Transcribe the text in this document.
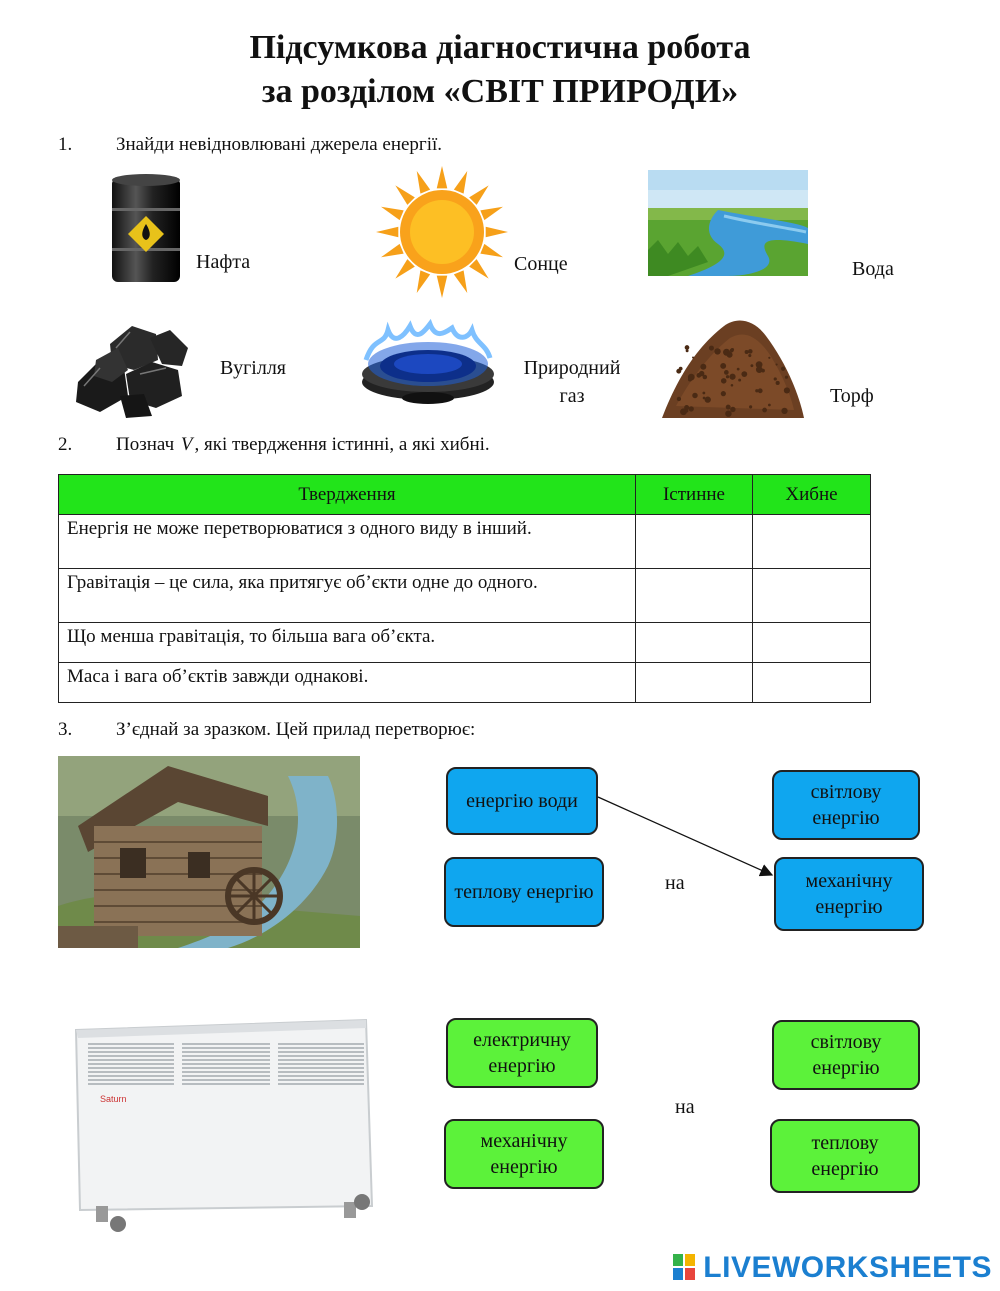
Підсумкова діагностична робота
за розділом «СВІТ ПРИРОДИ»
1. Знайди невідновлювані джерела енергії.
Нафта	Сонце	Вода
Вугілля	Природний
газ	Торф
2. Познач V , які твердження істинні, а які хибні.
Твердження	Істинне	Хибне
Енергія не може перетворюватися з одного виду в інший.		
Гравітація – це сила, яка притягує об’єкти одне до одного.		
Що менша гравітація, то більша вага об’єкта.		
Маса і вага об’єктів завжди однакові.		
3. З’єднай за зразком. Цей прилад перетворює:
енергію води
теплову енергію
світлову енергію
механічну енергію
на
Saturn
електричну енергію
механічну енергію
світлову енергію
теплову енергію
на
LIVEWORKSHEETS
